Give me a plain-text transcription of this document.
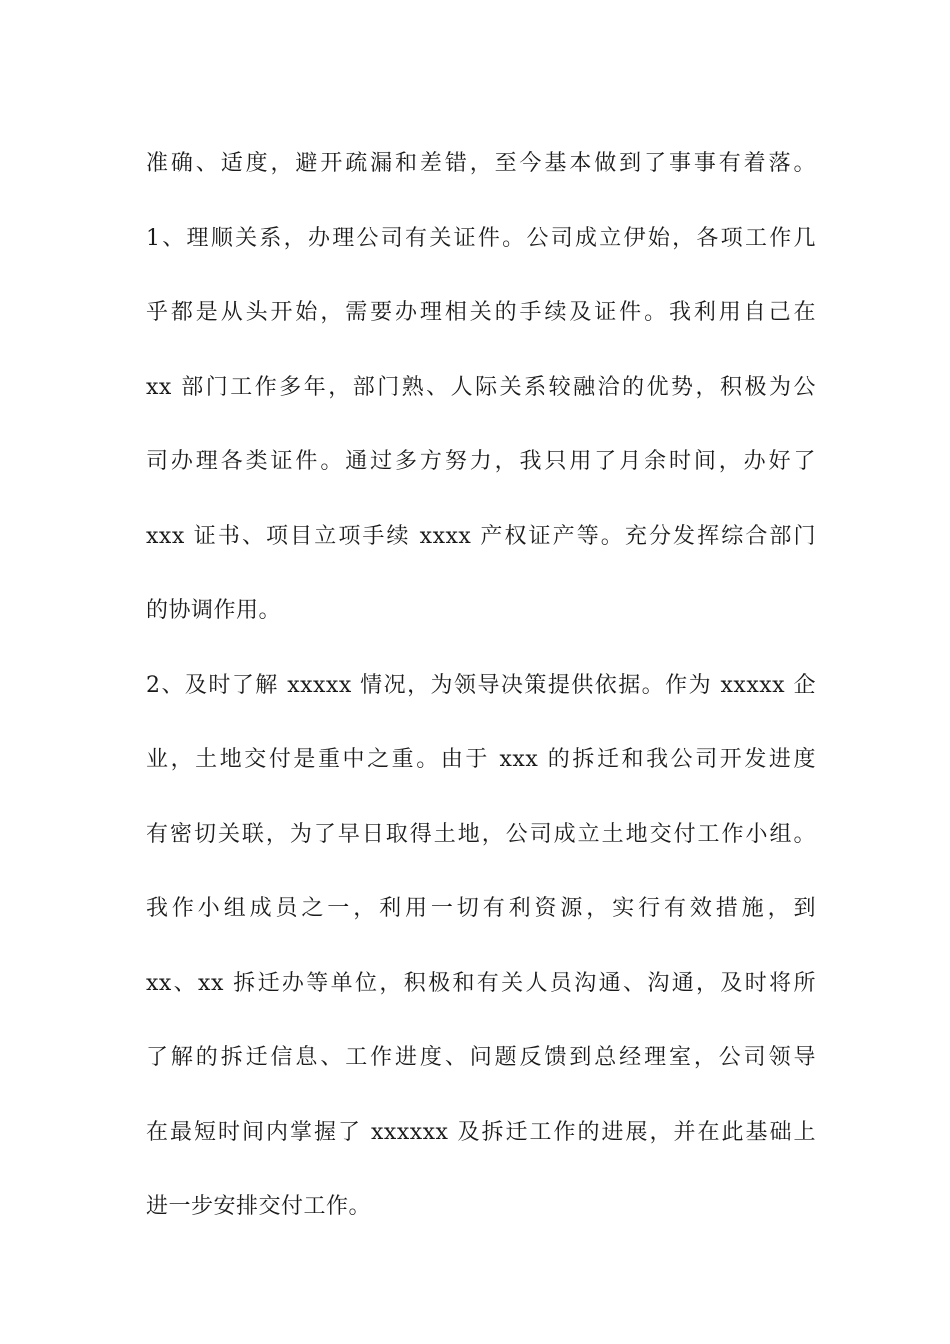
准确、适度，避开疏漏和差错，至今基本做到了事事有着落。
1、理顺关系，办理公司有关证件。公司成立伊始，各项工作几
乎都是从头开始，需要办理相关的手续及证件。我利用自己在
xx 部门工作多年，部门熟、人际关系较融洽的优势，积极为公
司办理各类证件。通过多方努力，我只用了月余时间，办好了
xxx 证书、项目立项手续 xxxx 产权证产等。充分发挥综合部门
的协调作用。
2、及时了解 xxxxx 情况，为领导决策提供依据。作为 xxxxx 企
业，土地交付是重中之重。由于 xxx 的拆迁和我公司开发进度
有密切关联，为了早日取得土地，公司成立土地交付工作小组。
我作小组成员之一，利用一切有利资源，实行有效措施，到
xx、xx 拆迁办等单位，积极和有关人员沟通、沟通，及时将所
了解的拆迁信息、工作进度、问题反馈到总经理室，公司领导
在最短时间内掌握了 xxxxxx 及拆迁工作的进展，并在此基础上
进一步安排交付工作。
